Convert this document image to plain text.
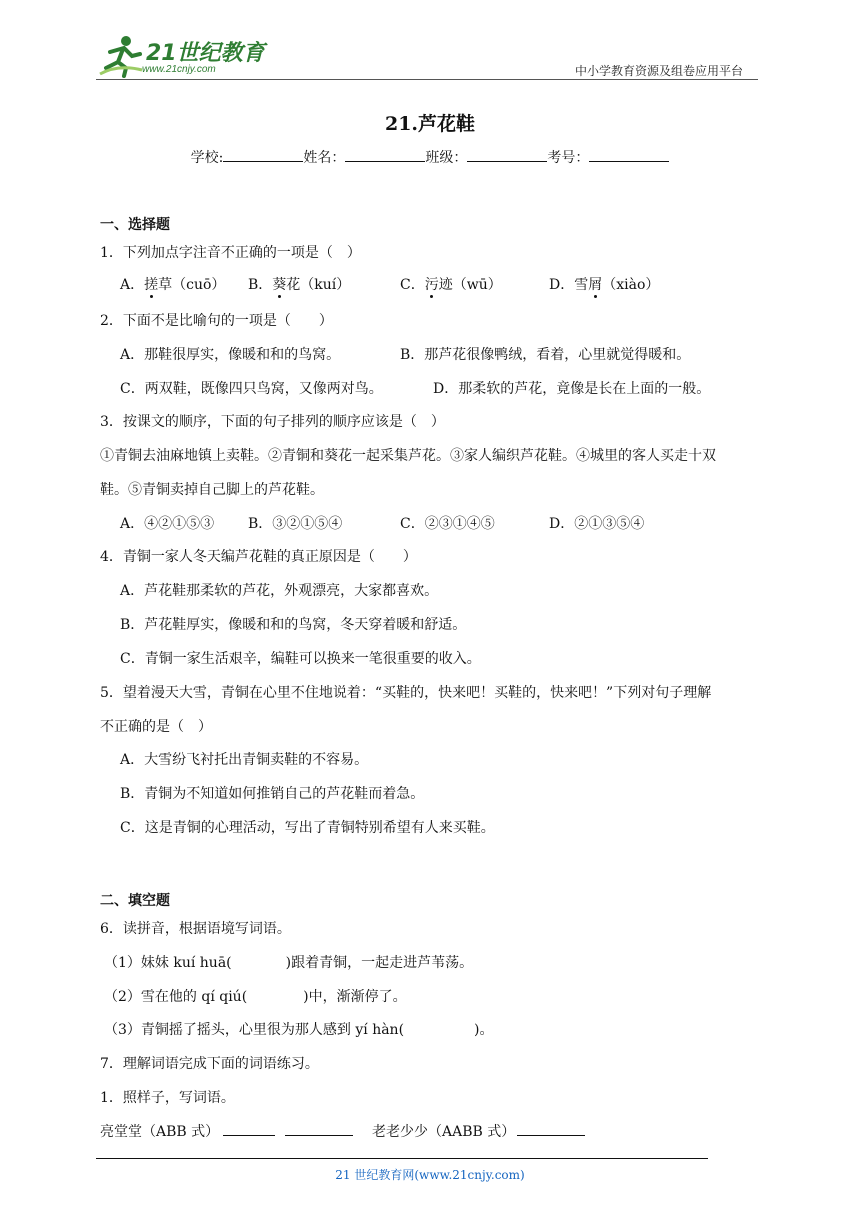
21世纪教育
www.21cnjy.com	中小学教育资源及组卷应用平台
21.芦花鞋
学校:	姓名：	班级：	考号：
一、选择题
1．下列加点字注音不正确的一项是（　）
A．搓草（cuō） B．葵花（kuí）	C．污迹（wū）	D．雪屑（xiào）
2．下面不是比喻句的一项是（　　）
A．那鞋很厚实，像暖和和的鸟窝。	B．那芦花很像鸭绒，看着，心里就觉得暖和。
C．两双鞋，既像四只鸟窝，又像两对鸟。	D．那柔软的芦花，竟像是长在上面的一般。
3．按课文的顺序，下面的句子排列的顺序应该是（　）
①青铜去油麻地镇上卖鞋。②青铜和葵花一起采集芦花。③家人编织芦花鞋。④城里的客人买走十双
鞋。⑤青铜卖掉自己脚上的芦花鞋。
A．④②①⑤③ B．③②①⑤④	C．②③①④⑤	D．②①③⑤④
4．青铜一家人冬天编芦花鞋的真正原因是（　　）
A．芦花鞋那柔软的芦花，外观漂亮，大家都喜欢。
B．芦花鞋厚实，像暖和和的鸟窝，冬天穿着暖和舒适。
C．青铜一家生活艰辛，编鞋可以换来一笔很重要的收入。
5．望着漫天大雪，青铜在心里不住地说着：“买鞋的，快来吧！买鞋的，快来吧！”下列对句子理解
不正确的是（　）
A．大雪纷飞衬托出青铜卖鞋的不容易。
B．青铜为不知道如何推销自己的芦花鞋而着急。
C．这是青铜的心理活动，写出了青铜特别希望有人来买鞋。
二、填空题
6．读拼音，根据语境写词语。
（1）妹妹 kuí huā(	)跟着青铜，一起走进芦苇荡。
（2）雪在他的 qí qiú(	)中，渐渐停了。
（3）青铜摇了摇头，心里很为那人感到 yí hàn(	)。
7．理解词语完成下面的词语练习。
1．照样子，写词语。
亮堂堂（ABB 式）	老老少少（AABB 式）
21 世纪教育网(www.21cnjy.com)
